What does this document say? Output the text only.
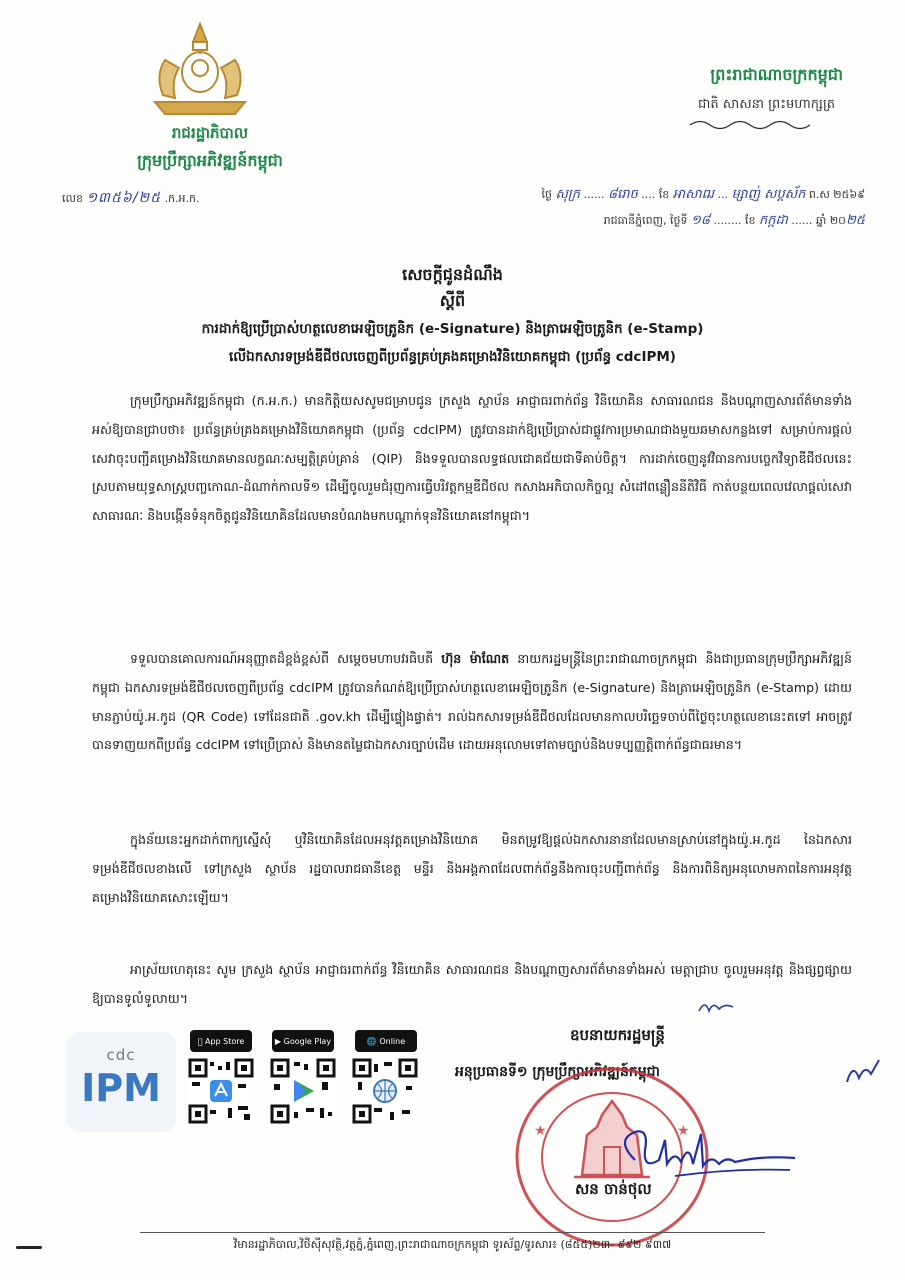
រាជរដ្ឋាភិបាល
ក្រុមប្រឹក្សាអភិវឌ្ឍន៍កម្ពុជា
លេខ ១៣៥៦/២៥ .ក.អ.ក.
ព្រះរាជាណាចក្រកម្ពុជា
ជាតិ សាសនា ព្រះមហាក្សត្រ
ថ្ងៃ សុក្រ ...... ៨រោច .... ខែ អាសាឍ ... ម្សាញ់ សប្តស័ក ព.ស ២៥៦៩
រាជធានីភ្នំពេញ, ថ្ងៃទី ១៨ ........ ខែ កក្កដា ...... ឆ្នាំ ២០២៥
សេចក្តីជូនដំណឹង
ស្តីពី
ការដាក់ឱ្យប្រើប្រាស់ហត្ថលេខាអេឡិចត្រូនិក (e-Signature) និងត្រាអេឡិចត្រូនិក (e-Stamp)
លើឯកសារទម្រង់ឌីជីថលចេញពីប្រព័ន្ធគ្រប់គ្រងគម្រោងវិនិយោគកម្ពុជា (ប្រព័ន្ធ cdcIPM)
ក្រុមប្រឹក្សាអភិវឌ្ឍន៍កម្ពុជា (ក.អ.ក.) មានកិត្តិយសសូមជម្រាបជូន ក្រសួង ស្ថាប័ន អាជ្ញាធរពាក់ព័ន្ធ វិនិយោគិន សាធារណជន និងបណ្តាញសារព័ត៌មានទាំងអស់ឱ្យបានជ្រាបថា៖ ប្រព័ន្ធគ្រប់គ្រងគម្រោងវិនិយោគកម្ពុជា (ប្រព័ន្ធ cdcIPM) ត្រូវបានដាក់ឱ្យប្រើប្រាស់ជាផ្លូវការប្រមាណជាងមួយឆមាសកន្លងទៅ សម្រាប់ការផ្តល់សេវាចុះបញ្ជីគម្រោងវិនិយោគមានលក្ខណៈសម្បត្តិគ្រប់គ្រាន់ (QIP) និងទទួលបានលទ្ធផលជោគជ័យជាទីគាប់ចិត្ត។ ការដាក់ចេញនូវវិធានការបច្ចេកវិទ្យាឌីជីថលនេះ ស្របតាមយុទ្ធសាស្ត្របញ្ចកោណ-ដំណាក់កាលទី១ ដើម្បីចូលរួមជំរុញការធ្វើបរិវត្តកម្មឌីជីថល កសាងអភិបាលកិច្ចល្អ សំដៅពន្លឿននីតិវិធី កាត់បន្ថយពេលវេលាផ្តល់សេវាសាធារណៈ និងបង្កើនទំនុកចិត្តជូនវិនិយោគិនដែលមានបំណងមកបណ្តាក់ទុនវិនិយោគនៅកម្ពុជា។
ទទួលបានគោលការណ៍អនុញ្ញាតដ៏ខ្ពង់ខ្ពស់ពី សម្តេចមហាបវរធិបតី ហ៊ុន ម៉ាណែត នាយករដ្ឋមន្ត្រីនៃព្រះរាជាណាចក្រកម្ពុជា និងជាប្រធានក្រុមប្រឹក្សាអភិវឌ្ឍន៍កម្ពុជា ឯកសារទម្រង់ឌីជីថលចេញពីប្រព័ន្ធ cdcIPM ត្រូវបានកំណត់ឱ្យប្រើប្រាស់ហត្ថលេខាអេឡិចត្រូនិក (e-Signature) និងត្រាអេឡិចត្រូនិក (e-Stamp) ដោយមានភ្ជាប់យ៉ូ.អ.កូដ (QR Code) ទៅដែនជាតិ .gov.kh ដើម្បីផ្ទៀងផ្ទាត់។ រាល់ឯកសារទម្រង់ឌីជីថលដែលមានកាលបរិច្ឆេទចាប់ពីថ្ងៃចុះហត្ថលេខានេះតទៅ អាចត្រូវបានទាញយកពីប្រព័ន្ធ cdcIPM ទៅប្រើប្រាស់ និងមានតម្លៃជាឯកសារច្បាប់ដើម ដោយអនុលោមទៅតាមច្បាប់និងបទប្បញ្ញត្តិពាក់ព័ន្ធជាធរមាន។
ក្នុងន័យនេះអ្នកដាក់ពាក្យស្នើសុំ ឬវិនិយោគិនដែលអនុវត្តគម្រោងវិនិយោគ មិនតម្រូវឱ្យផ្តល់ឯកសារនានាដែលមានស្រាប់នៅក្នុងយ៉ូ.អ.កូដ នៃឯកសារទម្រង់ឌីជីថលខាងលើ ទៅក្រសួង ស្ថាប័ន រដ្ឋបាលរាជធានីខេត្ត មន្ទីរ និងអង្គភាពដែលពាក់ព័ន្ធនឹងការចុះបញ្ជីពាក់ព័ន្ធ និងការពិនិត្យអនុលោមភាពនៃការអនុវត្តគម្រោងវិនិយោគសោះឡើយ។
អាស្រ័យហេតុនេះ សូម ក្រសួង ស្ថាប័ន អាជ្ញាធរពាក់ព័ន្ធ វិនិយោគិន សាធារណជន និងបណ្តាញសារព័ត៌មានទាំងអស់ មេត្តាជ្រាប ចូលរួមអនុវត្ត និងផ្សព្វផ្សាយឱ្យបានទូលំទូលាយ។
cdc
IPM
App Store	▶ Google Play	🌐 Online	ឧបនាយករដ្ឋមន្ត្រី
អនុប្រធានទី១ ក្រុមប្រឹក្សាអភិវឌ្ឍន៍កម្ពុជា
★	★
សន ចាន់ថុល
វិមានរដ្ឋាភិបាល,វិថីស៊ីសុវត្ថិ,វត្តភ្នំ,ភ្នំពេញ,ព្រះរាជាណាចក្រកម្ពុជា ទូរស័ព្ទ/ទូរសារ៖ (៨៥៥)២៣- ៩៩២ ៩៣៧
